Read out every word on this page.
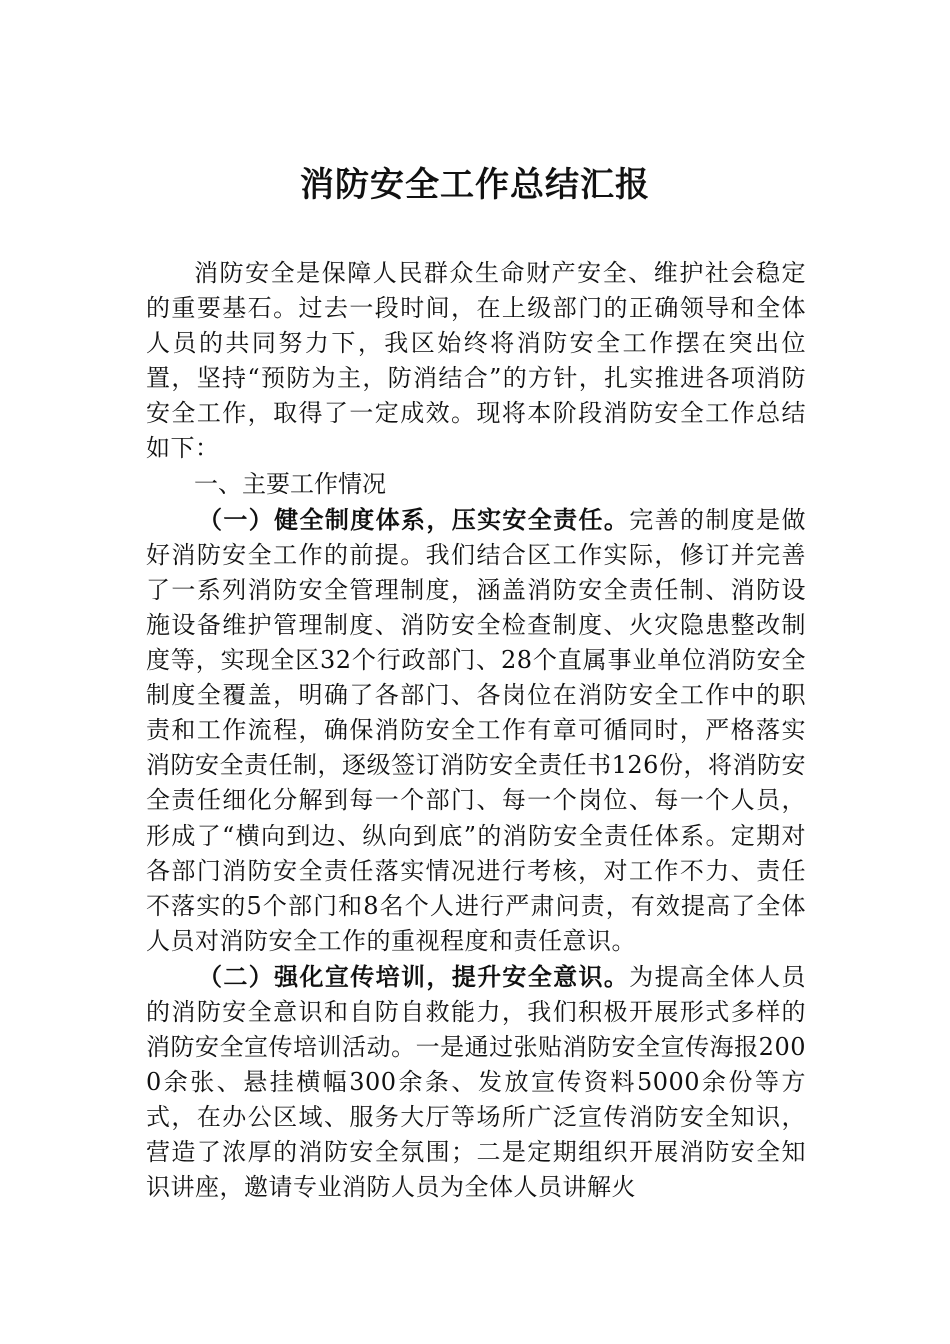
消防安全工作总结汇报

消防安全是保障人民群众生命财产安全、维护社会稳定的重要基石。过去一段时间，在上级部门的正确领导和全体人员的共同努力下，我区始终将消防安全工作摆在突出位置，坚持“预防为主，防消结合”的方针，扎实推进各项消防安全工作，取得了一定成效。现将本阶段消防安全工作总结如下：

一、主要工作情况

（一）健全制度体系，压实安全责任。完善的制度是做好消防安全工作的前提。我们结合区工作实际，修订并完善了一系列消防安全管理制度，涵盖消防安全责任制、消防设施设备维护管理制度、消防安全检查制度、火灾隐患整改制度等，实现全区32个行政部门、28个直属事业单位消防安全制度全覆盖，明确了各部门、各岗位在消防安全工作中的职责和工作流程，确保消防安全工作有章可循同时，严格落实消防安全责任制，逐级签订消防安全责任书126份，将消防安全责任细化分解到每一个部门、每一个岗位、每一个人员，形成了“横向到边、纵向到底”的消防安全责任体系。定期对各部门消防安全责任落实情况进行考核，对工作不力、责任不落实的5个部门和8名个人进行严肃问责，有效提高了全体人员对消防安全工作的重视程度和责任意识。

（二）强化宣传培训，提升安全意识。为提高全体人员的消防安全意识和自防自救能力，我们积极开展形式多样的消防安全宣传培训活动。一是通过张贴消防安全宣传海报2000余张、悬挂横幅300余条、发放宣传资料5000余份等方式，在办公区域、服务大厅等场所广泛宣传消防安全知识，营造了浓厚的消防安全氛围；二是定期组织开展消防安全知识讲座，邀请专业消防人员为全体人员讲解火
